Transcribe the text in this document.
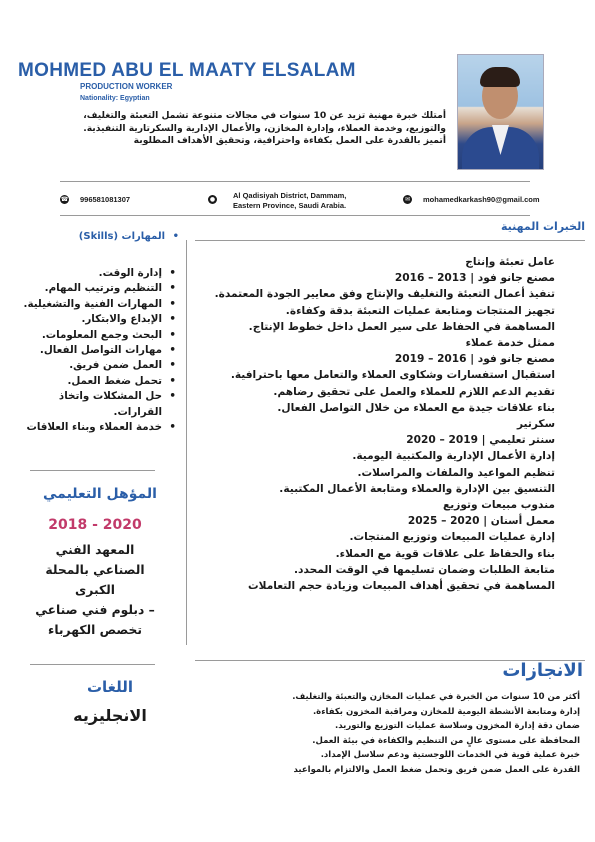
MOHMED ABU EL MAATY ELSALAM
PRODUCTION WORKER
Nationality: Egyptian
أمتلك خبرة مهنية تزيد عن 10 سنوات في مجالات متنوعة تشمل التعبئة والتغليف،
والتوزيع، وخدمة العملاء، وإدارة المخازن، والأعمال الإدارية والسكرتارية التنفيذية.
أتميز بالقدرة على العمل بكفاءة واحترافية، وتحقيق الأهداف المطلوبة
☎ 996581081307	● Al Qadisiyah District, Dammam,
Eastern Province, Saudi Arabia.
✉ mohamedkarkash90@gmail.com
الخبرات المهنية
عامل تعبئة وإنتاج
مصنع جانو فود | 2013 – 2016
تنفيذ أعمال التعبئة والتغليف والإنتاج وفق معايير الجودة المعتمدة.
تجهيز المنتجات ومتابعة عمليات التعبئة بدقة وكفاءة.
المساهمة في الحفاظ على سير العمل داخل خطوط الإنتاج.
ممثل خدمة عملاء
مصنع جانو فود | 2016 – 2019
استقبال استفسارات وشكاوى العملاء والتعامل معها باحترافية.
تقديم الدعم اللازم للعملاء والعمل على تحقيق رضاهم.
بناء علاقات جيدة مع العملاء من خلال التواصل الفعال.
سكرتير
سنتر تعليمي | 2019 – 2020
إدارة الأعمال الإدارية والمكتبية اليومية.
تنظيم المواعيد والملفات والمراسلات.
التنسيق بين الإدارة والعملاء ومتابعة الأعمال المكتبية.
مندوب مبيعات وتوزيع
معمل أسنان | 2020 – 2025
إدارة عمليات المبيعات وتوزيع المنتجات.
بناء والحفاظ على علاقات قوية مع العملاء.
متابعة الطلبات وضمان تسليمها في الوقت المحدد.
المساهمة في تحقيق أهداف المبيعات وزيادة حجم التعاملات
• المهارات (Skills)
• إدارة الوقت.
• التنظيم وترتيب المهام.
• المهارات الفنية والتشغيلية.
• الإبداع والابتكار.
• البحث وجمع المعلومات.
• مهارات التواصل الفعال.
• العمل ضمن فريق.
• تحمل ضغط العمل.
• حل المشكلات واتخاذ القرارات.
• خدمة العملاء وبناء العلاقات
المؤهل التعليمي
2018 - 2020
المعهد الفني
الصناعي بالمحلة
الكبرى
دبلوم فني صناعي –
تخصص الكهرباء
اللغات
الانجليزيه
الانجازات
أكثر من 10 سنوات من الخبرة في عمليات المخازن والتعبئة والتغليف.
إدارة ومتابعة الأنشطة اليومية للمخازن ومراقبة المخزون بكفاءة.
ضمان دقة إدارة المخزون وسلاسة عمليات التوزيع والتوريد.
المحافظة على مستوى عالٍ من التنظيم والكفاءة في بيئة العمل.
خبرة عملية قوية في الخدمات اللوجستية ودعم سلاسل الإمداد.
القدرة على العمل ضمن فريق وتحمل ضغط العمل والالتزام بالمواعيد
